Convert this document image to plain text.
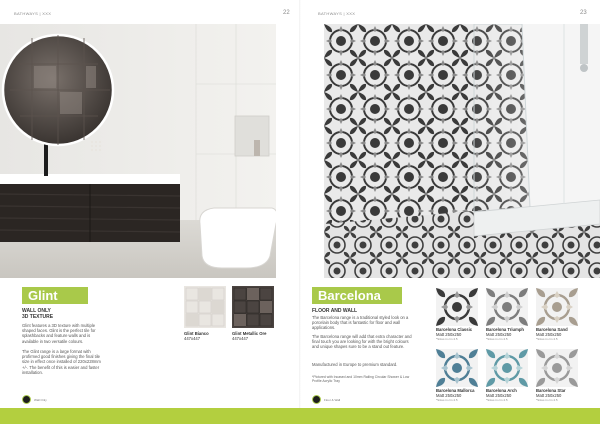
BATHWAYS | XXX	22
Glint
WALL ONLY
3D TEXTURE
Glint features a 3D texture with multiple shaped faces. Glint is the perfect tile for splashbacks and feature walls and is available in two versatile colours.
The Glint range is a large format with profirmed good finishes giving the final tile size in effect once installed of 220x228mm +/-. The benefit of this is easier and faster installation.
Wall Only
Glint Bianco
447x447
Glint Metallic Ore
447x447
BATHWAYS | XXX	23
Barcelona
FLOOR AND WALL
The Barcelona range is a traditional styled look on a porcelain body that is fantastic for floor and wall applications.
The Barcelona range will add that extra character and final touch you are looking for with the bright colours and unique shapes sure to be a stand out feature.
Manufactured in Europe to premium standard.
*Pictured with Incased and 10mm Railing Circular Shower & Low Profile Acrylic Tray
Floor & Wall
Barcelona Classic
Matt 250x250
*Sizes in cm 4.5
Barcelona Triumph
Matt 250x250
*Sizes in cm 4.5
Barcelona Sand
Matt 250x250
*Sizes in cm 4.5
Barcelona Mallorca
Matt 250x250
*Sizes in cm 4.5
Barcelona Arch
Matt 250x250
*Sizes in cm 4.5
Barcelona Star
Matt 250x250
*Sizes in cm 4.5
